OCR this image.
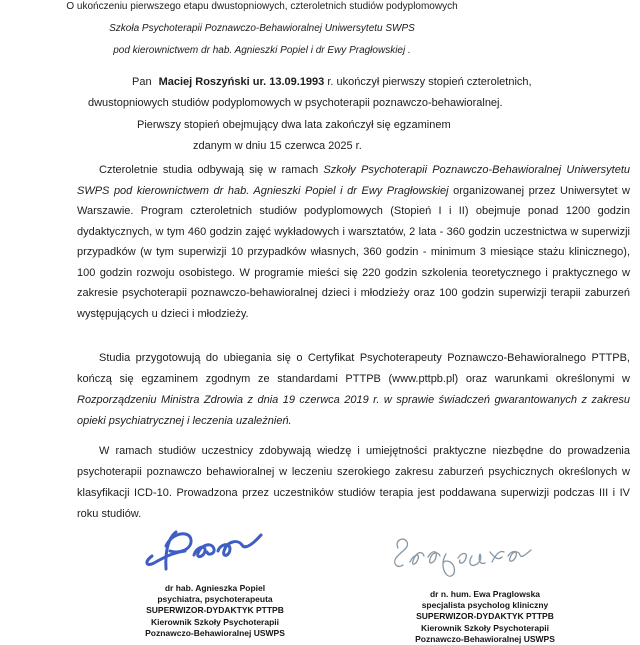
O ukończeniu pierwszego etapu dwustopniowych, czteroletnich studiów podyplomowych
Szkoła Psychoterapii Poznawczo-Behawioralnej Uniwersytetu SWPS
pod kierownictwem dr hab. Agnieszki Popiel i dr Ewy Pragłowskiej .
Pan Maciej Roszyński ur. 13.09.1993 r. ukończył pierwszy stopień czteroletnich,
dwustopniowych studiów podyplomowych w psychoterapii poznawczo-behawioralnej.
Pierwszy stopień obejmujący dwa lata zakończył się egzaminem
zdanym w dniu 15 czerwca 2025 r.

Czteroletnie studia odbywają się w ramach Szkoły Psychoterapii Poznawczo-Behawioralnej Uniwersytetu SWPS pod kierownictwem dr hab. Agnieszki Popiel i dr Ewy Pragłowskiej organizowanej przez Uniwersytet w Warszawie. Program czteroletnich studiów podyplomowych (Stopień I i II) obejmuje ponad 1200 godzin dydaktycznych, w tym 460 godzin zajęć wykładowych i warsztatów, 2 lata - 360 godzin uczestnictwa w superwizji przypadków (w tym superwizji 10 przypadków własnych, 360 godzin - minimum 3 miesiące stażu klinicznego), 100 godzin rozwoju osobistego. W programie mieści się 220 godzin szkolenia teoretycznego i praktycznego w zakresie psychoterapii poznawczo-behawioralnej dzieci i młodzieży oraz 100 godzin superwizji terapii zaburzeń występujących u dzieci i młodzieży.

Studia przygotowują do ubiegania się o Certyfikat Psychoterapeuty Poznawczo-Behawioralnego PTTPB, kończą się egzaminem zgodnym ze standardami PTTPB (www.pttpb.pl) oraz warunkami określonymi w Rozporządzeniu Ministra Zdrowia z dnia 19 czerwca 2019 r. w sprawie świadczeń gwarantowanych z zakresu opieki psychiatrycznej i leczenia uzależnień.

W ramach studiów uczestnicy zdobywają wiedzę i umiejętności praktyczne niezbędne do prowadzenia psychoterapii poznawczo behawioralnej w leczeniu szerokiego zakresu zaburzeń psychicznych określonych w klasyfikacji ICD-10. Prowadzona przez uczestników studiów terapia jest poddawana superwizji podczas III i IV roku studiów.

dr hab. Agnieszka Popiel
psychiatra, psychoterapeuta
SUPERWIZOR-DYDAKTYK PTTPB
Kierownik Szkoły Psychoterapii
Poznawczo-Behawioralnej USWPS
dr n. hum. Ewa Praglowska
specjalista psycholog kliniczny
SUPERWIZOR-DYDAKTYK PTTPB
Kierownik Szkoły Psychoterapii
Poznawczo-Behawioralnej USWPS
